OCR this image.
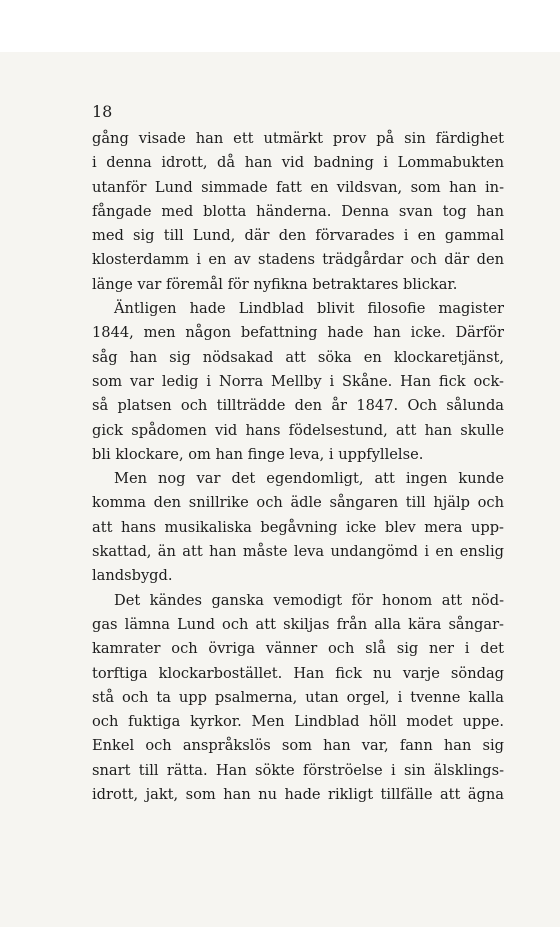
18
gång visade han ett utmärkt prov på sin färdighet
i denna idrott, då han vid badning i Lommabukten
utanför Lund simmade fatt en vildsvan, som han in-
fångade med blotta händerna. Denna svan tog han
med sig till Lund, där den förvarades i en gammal
klosterdamm i en av stadens trädgårdar och där den
länge var föremål för nyfikna betraktares blickar.
Äntligen hade Lindblad blivit filosofie magister
1844, men någon befattning hade han icke. Därför
såg han sig nödsakad att söka en klockaretjänst,
som var ledig i Norra Mellby i Skåne. Han fick ock-
så platsen och tillträdde den år 1847. Och sålunda
gick spådomen vid hans födelsestund, att han skulle
bli klockare, om han finge leva, i uppfyllelse.
Men nog var det egendomligt, att ingen kunde
komma den snillrike och ädle sångaren till hjälp och
att hans musikaliska begåvning icke blev mera upp-
skattad, än att han måste leva undangömd i en enslig
landsbygd.
Det kändes ganska vemodigt för honom att nöd-
gas lämna Lund och att skiljas från alla kära sångar-
kamrater och övriga vänner och slå sig ner i det
torftiga klockarbostället. Han fick nu varje söndag
stå och ta upp psalmerna, utan orgel, i tvenne kalla
och fuktiga kyrkor. Men Lindblad höll modet uppe.
Enkel och anspråkslös som han var, fann han sig
snart till rätta. Han sökte förströelse i sin älsklings-
idrott, jakt, som han nu hade rikligt tillfälle att ägna
